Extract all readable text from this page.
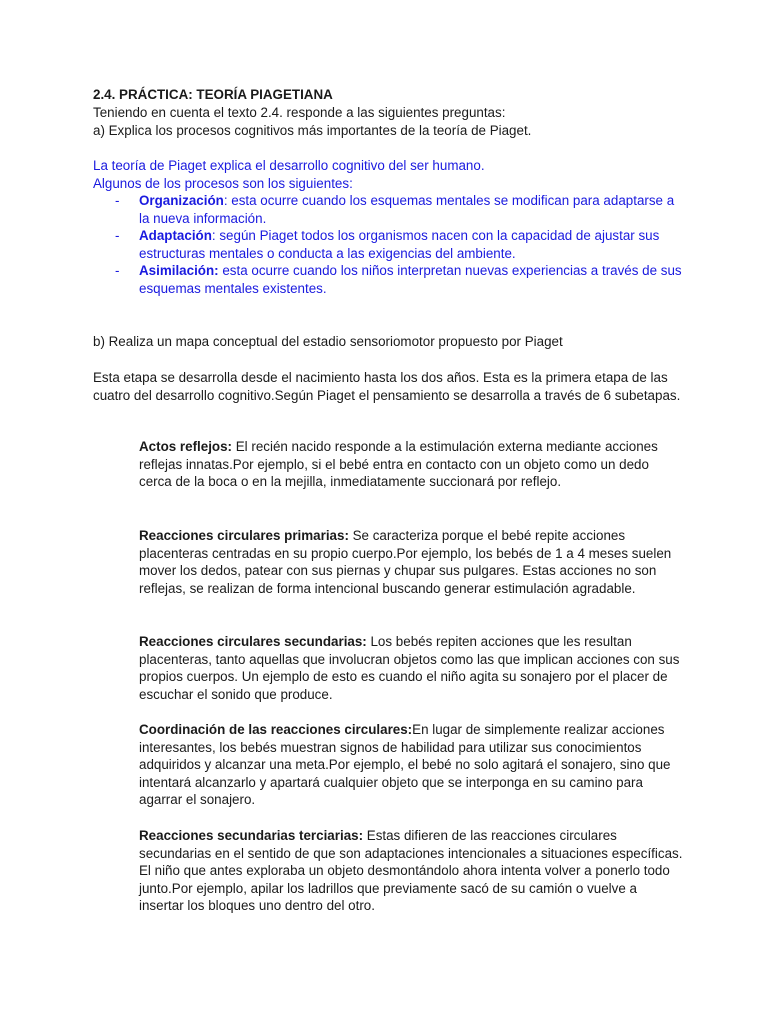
2.4. PRÁCTICA: TEORÍA PIAGETIANA
Teniendo en cuenta el texto 2.4. responde a las siguientes preguntas:
a) Explica los procesos cognitivos más importantes de la teoría de Piaget.
La teoría de Piaget explica el desarrollo cognitivo del ser humano.
Algunos de los procesos son los siguientes:
-	Organización: esta ocurre cuando los esquemas mentales se modifican para adaptarse a la nueva información.
-	Adaptación: según Piaget todos los organismos nacen con la capacidad de ajustar sus estructuras mentales o conducta a las exigencias del ambiente.
-	Asimilación: esta ocurre cuando los niños interpretan nuevas experiencias a través de sus esquemas mentales existentes.
b) Realiza un mapa conceptual del estadio sensoriomotor propuesto por Piaget
Esta etapa se desarrolla desde el nacimiento hasta los dos años. Esta es la primera etapa de las cuatro del desarrollo cognitivo.Según Piaget el pensamiento se desarrolla a través de 6 subetapas.
Actos reflejos: El recién nacido responde a la estimulación externa mediante acciones reflejas innatas.Por ejemplo, si el bebé entra en contacto con un objeto como un dedo cerca de la boca o en la mejilla, inmediatamente succionará por reflejo.
Reacciones circulares primarias: Se caracteriza porque el bebé repite acciones placenteras centradas en su propio cuerpo.Por ejemplo, los bebés de 1 a 4 meses suelen mover los dedos, patear con sus piernas y chupar sus pulgares. Estas acciones no son reflejas, se realizan de forma intencional buscando generar estimulación agradable.
Reacciones circulares secundarias: Los bebés repiten acciones que les resultan placenteras, tanto aquellas que involucran objetos como las que implican acciones con sus propios cuerpos. Un ejemplo de esto es cuando el niño agita su sonajero por el placer de escuchar el sonido que produce.
Coordinación de las reacciones circulares:En lugar de simplemente realizar acciones interesantes, los bebés muestran signos de habilidad para utilizar sus conocimientos adquiridos y alcanzar una meta.Por ejemplo, el bebé no solo agitará el sonajero, sino que intentará alcanzarlo y apartará cualquier objeto que se interponga en su camino para agarrar el sonajero.
Reacciones secundarias terciarias: Estas difieren de las reacciones circulares secundarias en el sentido de que son adaptaciones intencionales a situaciones específicas. El niño que antes exploraba un objeto desmontándolo ahora intenta volver a ponerlo todo junto.Por ejemplo, apilar los ladrillos que previamente sacó de su camión o vuelve a insertar los bloques uno dentro del otro.
